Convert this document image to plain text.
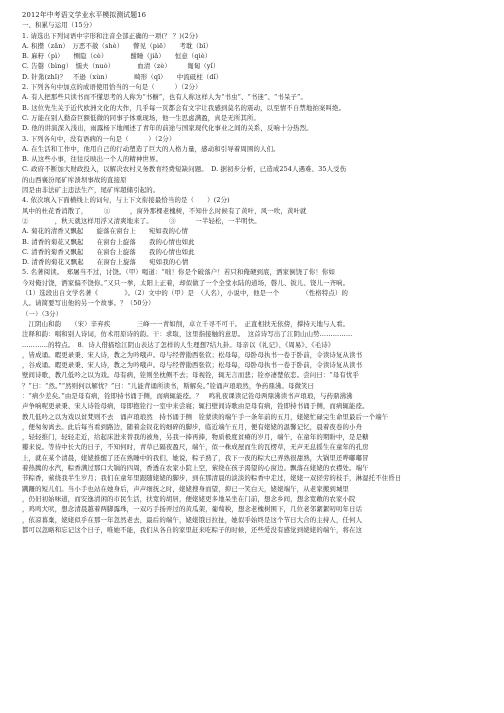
2012年中考语文学业水平模拟测试题16
一、积累与运用（15分）
1. 请选出下列词语中字形和注音全部正确的一项(？ ？)(2分)
A. 积攒（zǎn）　万恶不赦（shè）　　瞥见（piē）　　考耽（bǐ）
B. 麻籽（pì）　　恻隐（cè）　　　　酣睡（jiǎ）　　恒意（qiè）
C. 告罄（bìng）　懦夫（nuò）　　　　血清（zè）　　　匍匐（yǐ）
D. 针黹(zhǐ)？　不逊（xùn）　　　　畸形（qī）　　中流砥柱（dǐ）
2. 下列各句中加点的成语使用恰当的一句是（　　　）（2分）
A. 有人把那些只读书而不懂思考的人称为“书橱”，也有人称这样人为“书虫”、“书迷”、“书呆子”。
B. 这位先生关于近代欧洲文化的大作，几乎每一页都会有文字让我感到莫名的震动，以至情不自禁地拍案叫绝。
C. 万能在别人勤奋巨额低微的同事子体重现场，他一生思虑满盈，真是无所其所。
D. 他的讲演深入浅出，雨露杨下地阐述了青年的前途与国家现代化事业之间的关系，反响十分热烈。
3. 下列各句中，没有语病的一句是（　　　）（2分）
A. 在生活和工作中，他用自己的行动塑造了巨大的人格力量，感动和引导着周围的人们。
B. 从这些小事，往往反映出一个人的精神世界。
C. 政府不断加大财政投入，以解决农村义务教育经费短缺问题。　D. 据初步分析，已造成254人遇难、35人受伤
的山西襄汾尾矿库溃坝事故的直接原
因是由非法矿主违法生产，尾矿库超储引起的。
4. 依次填入下面横线上的词句，与上下文衔接最恰当的是（　　）(2分)
风中的杜花香消散了，　　　①　　　，窗外那棵老槐树，不知什么时候有了黄叶，风一吹，黄叶就
②　　　　，秋天就这样用浮又清爽地来了。　　　③　　　一半轻松，一半明快。
A. 菊花的清香又飘起　　旋落在窗台上　　宛如我的心情
B. 清香的菊花又飘起　　在窗台上旋落　　我的心情也如此
C. 清香的菊香又飘起　　在窗台上旋落　　我的心情也如此
D. 清香的菊花又飘起　　在窗台上旋落　　宛如我的心情
5. 名著阅读。　郑屠当不过，讨饶。（甲）喝道：“咄！你是个破落户！若只和俺硬到底，洒家倒饶了你！你如
今对俺讨饶，洒家偏不饶你。”又只一拳，太阳上正着，却似做了一个全堂水陆的道场，磬儿、钹儿、铙儿一齐响。
（1）选段出自文学名著《　　　　》。（2）文中的（甲）是　（人名），小说中，他是一个　　　　（性格特点）的
人。请简要写出他的另一个故事。？（50分）
（一）（3分）
　江阴山和韵　　（宋）辛弃疾　　　　三峰一一青如削，卓立千寻不可干。　正直相扶无依傍，撑持天地与人看。
注释和韵：唱和别人诗词，仿术用原诗的韵。干：求取，这里指接触的意思。　这首诗写出了江阴山山势……………
…………的特点。　8．诗人借描绘江阴山表达了怎样的人生理想?结九卦。母亲以《礼记》、《周易》、《毛诗》
，皆成诵。暇更录秉、宋人诗，教之为吟哦声。母与经曾勖西张钦；松母每，母卧母执书一卷于卧前，令读诗复从读书
，谷成诵。暇更录秉、宋人诗，教之为吟哦声。母与经曾勖西张钦；松母每，母卧母执书一卷于卧前，令读诗复从读书
壁间诗歌，教几低吟之以为戏。母有病，铨则坐枕侧不去；母视铨，辄无言而悲；铨亦凄楚依恋。尝问曰：“母有忧乎
？”曰：“然。”“然则何以解忧？”曰：“儿能背诵所读书，斯解矣。”铨诵声琅琅然，争药鼎沸。母微笑曰
：“病少差矣。”由是母有病，铨即持书诵于侧，而病辄能痊。？　鸣乳夜课读记铨母两鼎沸读书声琅琅，与药鼎沸沸
声争响呢更录秉、宋人诗铨母病，母即抱铨行一室中来尝寝；辄扫壁间诗歌由是母有病，铨即持书诵于侧，而病辄能痊。
教几低吟之以为戏以贫梵则不去　诵声琅琅然　持书诵于侧　铨蒙读的端午手一条年前的五月，姥姥忙碌完生命里最后一个端午
，便匆匆离去。此后每当看到路边，随着金钗花的细碎的脚步，临近端午五月，便有姥姥的温馨记忆，晨着夜卷的小舟
，轻轻推门，轻轻走近，给起床进来替我的被角，另我一捧再捧，物质极度贫瘠的岁月，端午，在童年的期盼中，是是糖
瓣来说。等待中长大的日子，不知何时，青草已隔夜盈尺，端午，似一株成屋而生的瓦楞草，无声无息摇生在童年的孔房
上，就在某个清晨，姥姥推醒了还在熟睡中的我们，她说，粽子熟了，我下一夜的粽大已弄熟很甜熟，大锅里还哗嘟嘟冒
着热腾的水汽，粽香满过那口大锅的四周，香透在农家小院上空，萦绕在孩子渴望的心窗边。飘落在姥姥的衣襟处。端午
节粽香，萦绕我半生岁月；我们在童年里跟随姥姥的脚步，到在那清晨的淡淡的粽香中走过，姥姥一双搓劳的枝手，淋湿托不住昏日
蹒跚的短儿们。当小手也站在她身后，声声细抚之时，姥姥搜身而望，抑已一笑白天，姥姥端午，从老家搬到城里
，仍旧初始味道，而安逸清闲的市民生活，扶宽的胡居，便姥姥更多地呆坐在门前，想念乡间，想念宽敞的农家小院
，鸡鸣犬吠，想念清晨越着两脚露珠，一双巧手扬弄过的黄瓜架，葡萄秧，想念老槐树围下，几位老邻絮絮叨叨年日话
，依凉暮棄，姥姥似乎在那一年忽然老去，最后的端午，姥姥饿日拉扯，她似乎始终是这个节日大合的主持人，任何人
都可以忽略和忘记这个日子，唯她不能，我们从各自的家里赶来吃粽子的时候，还些爱没有感觉到姥姥的端午，将在这
